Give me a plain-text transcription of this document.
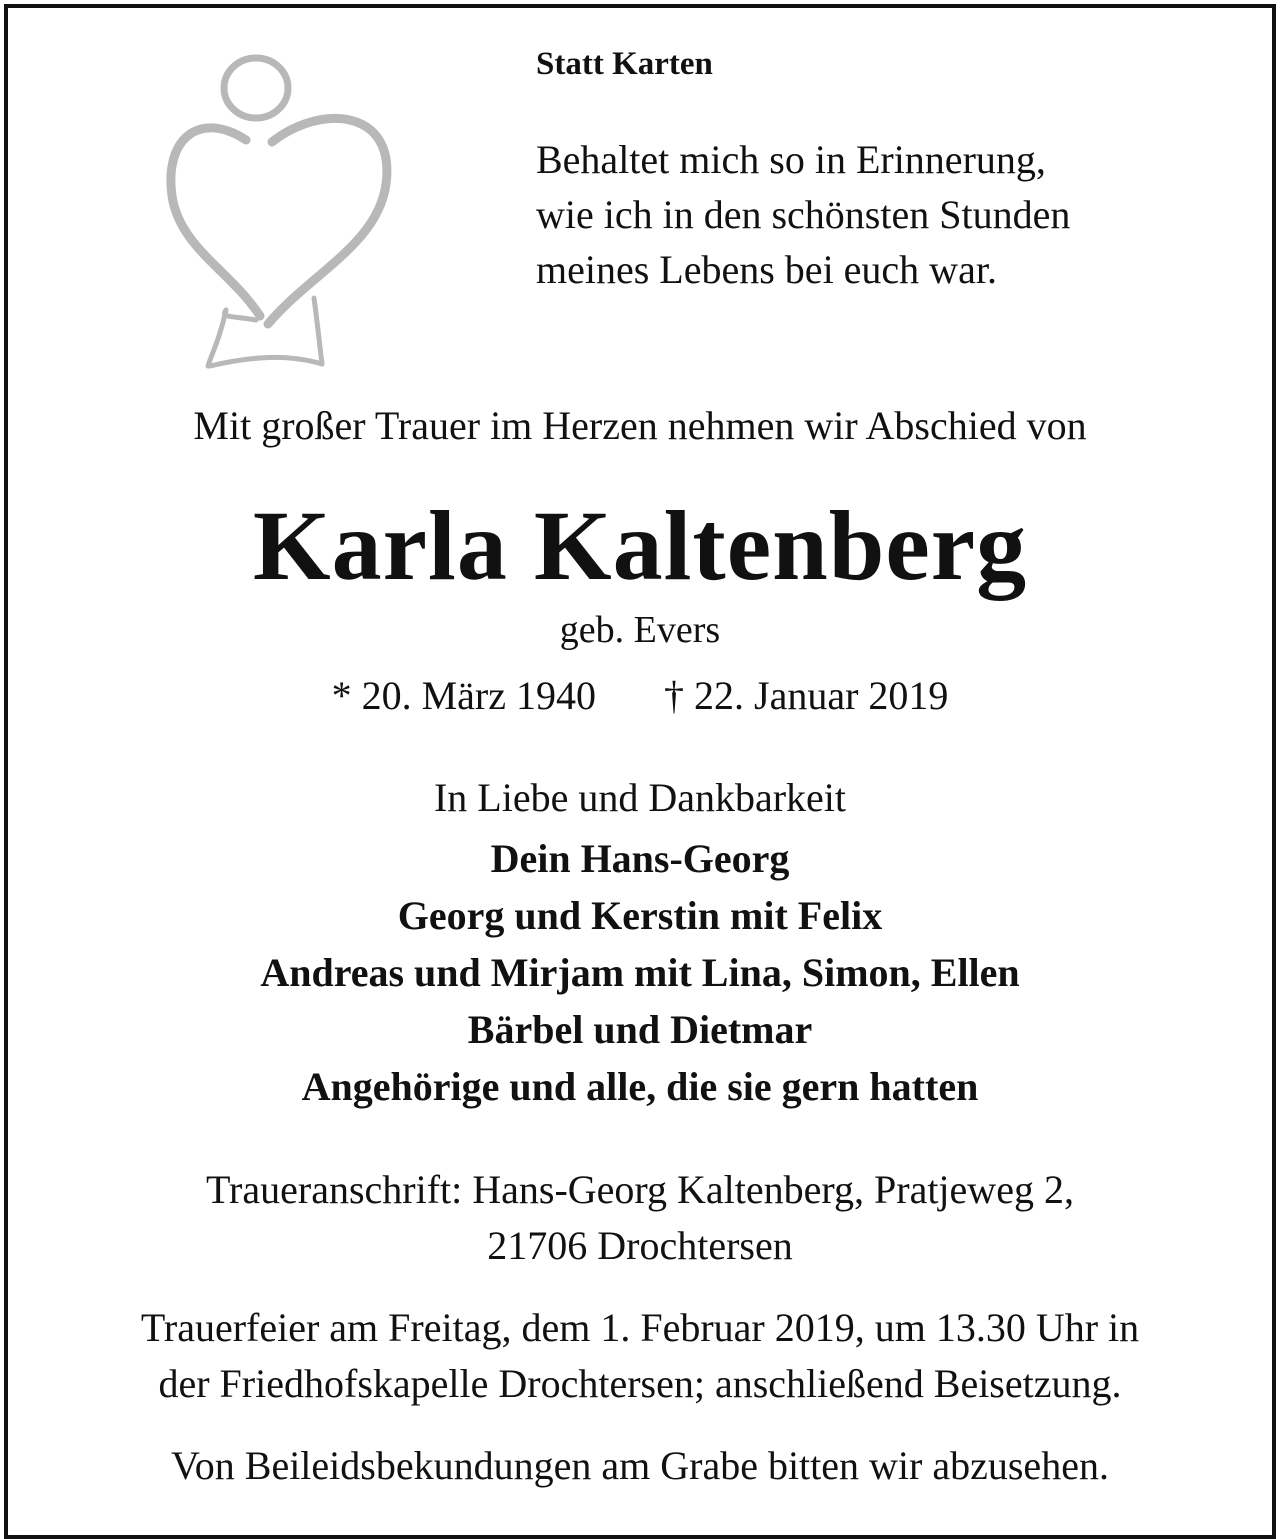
Statt Karten
Behaltet mich so in Erinnerung,
wie ich in den schönsten Stunden
meines Lebens bei euch war.
Mit großer Trauer im Herzen nehmen wir Abschied von
Karla Kaltenberg
geb. Evers
* 20. März 1940 † 22. Januar 2019
In Liebe und Dankbarkeit
Dein Hans-Georg
Georg und Kerstin mit Felix
Andreas und Mirjam mit Lina, Simon, Ellen
Bärbel und Dietmar
Angehörige und alle, die sie gern hatten
Traueranschrift: Hans-Georg Kaltenberg, Pratjeweg 2,
21706 Drochtersen
Trauerfeier am Freitag, dem 1. Februar 2019, um 13.30 Uhr in
der Friedhofskapelle Drochtersen; anschließend Beisetzung.
Von Beileidsbekundungen am Grabe bitten wir abzusehen.
